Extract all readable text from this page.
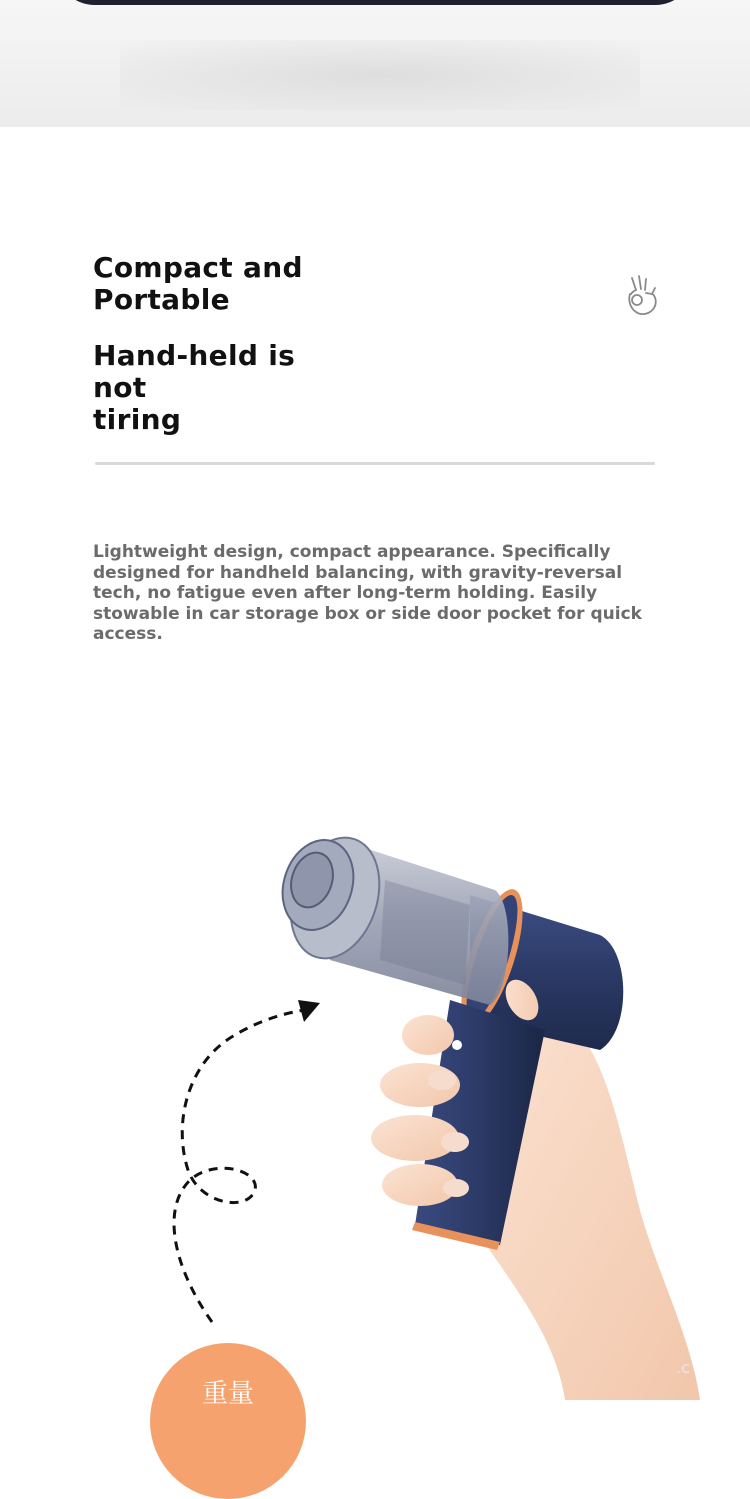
Compact and
Portable
Hand-held is not
tiring

Lightweight design, compact appearance. Specifically designed for handheld balancing, with gravity-reversal tech, no fatigue even after long-term holding. Easily stowable in car storage box or side door pocket for quick access.

重量
.c
